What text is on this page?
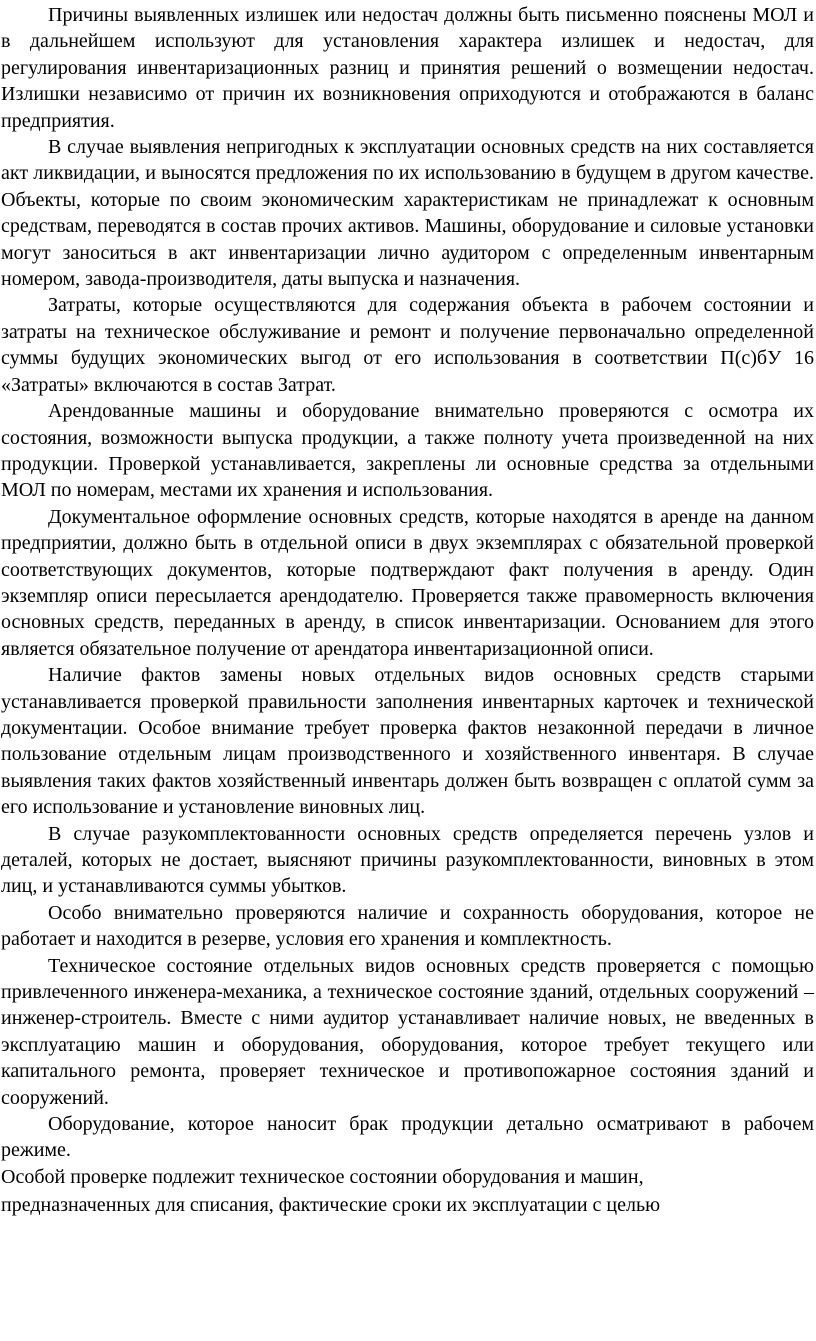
Причины выявленных излишек или недостач должны быть письменно пояснены МОЛ и в дальнейшем используют для установления характера излишек и недостач, для регулирования инвентаризационных разниц и принятия решений о возмещении недостач. Излишки независимо от причин их возникновения оприходуются и отображаются в баланс предприятия.

В случае выявления непригодных к эксплуатации основных средств на них составляется акт ликвидации, и выносятся предложения по их использованию в будущем в другом качестве. Объекты, которые по своим экономическим характеристикам не принадлежат к основным средствам, переводятся в состав прочих активов. Машины, оборудование и силовые установки могут заноситься в акт инвентаризации лично аудитором с определенным инвентарным номером, завода-производителя, даты выпуска и назначения.

Затраты, которые осуществляются для содержания объекта в рабочем состоянии и затраты на техническое обслуживание и ремонт и получение первоначально определенной суммы будущих экономических выгод от его использования в соответствии П(с)бУ 16 «Затраты» включаются в состав Затрат.

Арендованные машины и оборудование внимательно проверяются с осмотра их состояния, возможности выпуска продукции, а также полноту учета произведенной на них продукции. Проверкой устанавливается, закреплены ли основные средства за отдельными МОЛ по номерам, местами их хранения и использования.

Документальное оформление основных средств, которые находятся в аренде на данном предприятии, должно быть в отдельной описи в двух экземплярах с обязательной проверкой соответствующих документов, которые подтверждают факт получения в аренду. Один экземпляр описи пересылается арендодателю. Проверяется также правомерность включения основных средств, переданных в аренду, в список инвентаризации. Основанием для этого является обязательное получение от арендатора инвентаризационной описи.

Наличие фактов замены новых отдельных видов основных средств старыми устанавливается проверкой правильности заполнения инвентарных карточек и технической документации. Особое внимание требует проверка фактов незаконной передачи в личное пользование отдельным лицам производственного и хозяйственного инвентаря. В случае выявления таких фактов хозяйственный инвентарь должен быть возвращен с оплатой сумм за его использование и установление виновных лиц.

В случае разукомплектованности основных средств определяется перечень узлов и деталей, которых не достает, выясняют причины разукомплектованности, виновных в этом лиц, и устанавливаются суммы убытков.

Особо внимательно проверяются наличие и сохранность оборудования, которое не работает и находится в резерве, условия его хранения и комплектность.

Техническое состояние отдельных видов основных средств проверяется с помощью привлеченного инженера-механика, а техническое состояние зданий, отдельных сооружений – инженер-строитель. Вместе с ними аудитор устанавливает наличие новых, не введенных в эксплуатацию машин и оборудования, оборудования, которое требует текущего или капитального ремонта, проверяет техническое и противопожарное состояния зданий и сооружений.

Оборудование, которое наносит брак продукции детально осматривают в рабочем режиме.

Особой проверке подлежит техническое состоянии оборудования и машин,

предназначенных для списания, фактические сроки их эксплуатации с целью
